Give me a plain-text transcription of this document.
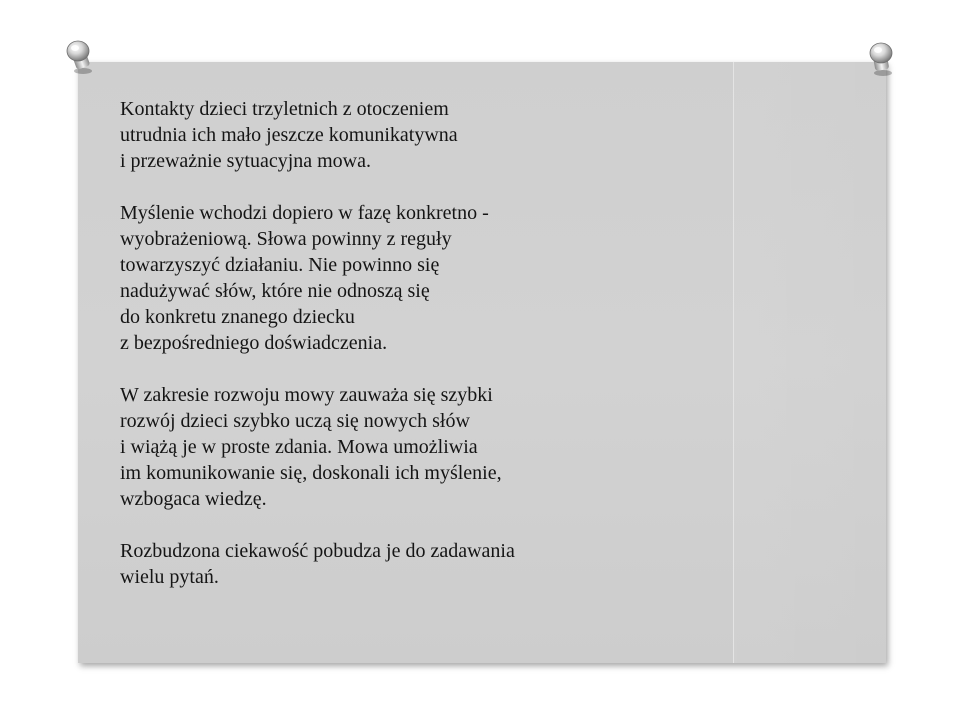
Kontakty dzieci trzyletnich z otoczeniem
utrudnia ich mało jeszcze komunikatywna
i przeważnie sytuacyjna mowa.

Myślenie wchodzi dopiero w fazę konkretno -
wyobrażeniową. Słowa powinny z reguły
towarzyszyć działaniu. Nie powinno się
nadużywać słów, które nie odnoszą się
do konkretu znanego dziecku
z bezpośredniego doświadczenia.

W zakresie rozwoju mowy zauważa się szybki
rozwój dzieci szybko uczą się nowych słów
i wiążą je w proste zdania. Mowa umożliwia
im komunikowanie się, doskonali ich myślenie,
wzbogaca wiedzę.

Rozbudzona ciekawość pobudza je do zadawania
wielu pytań.
